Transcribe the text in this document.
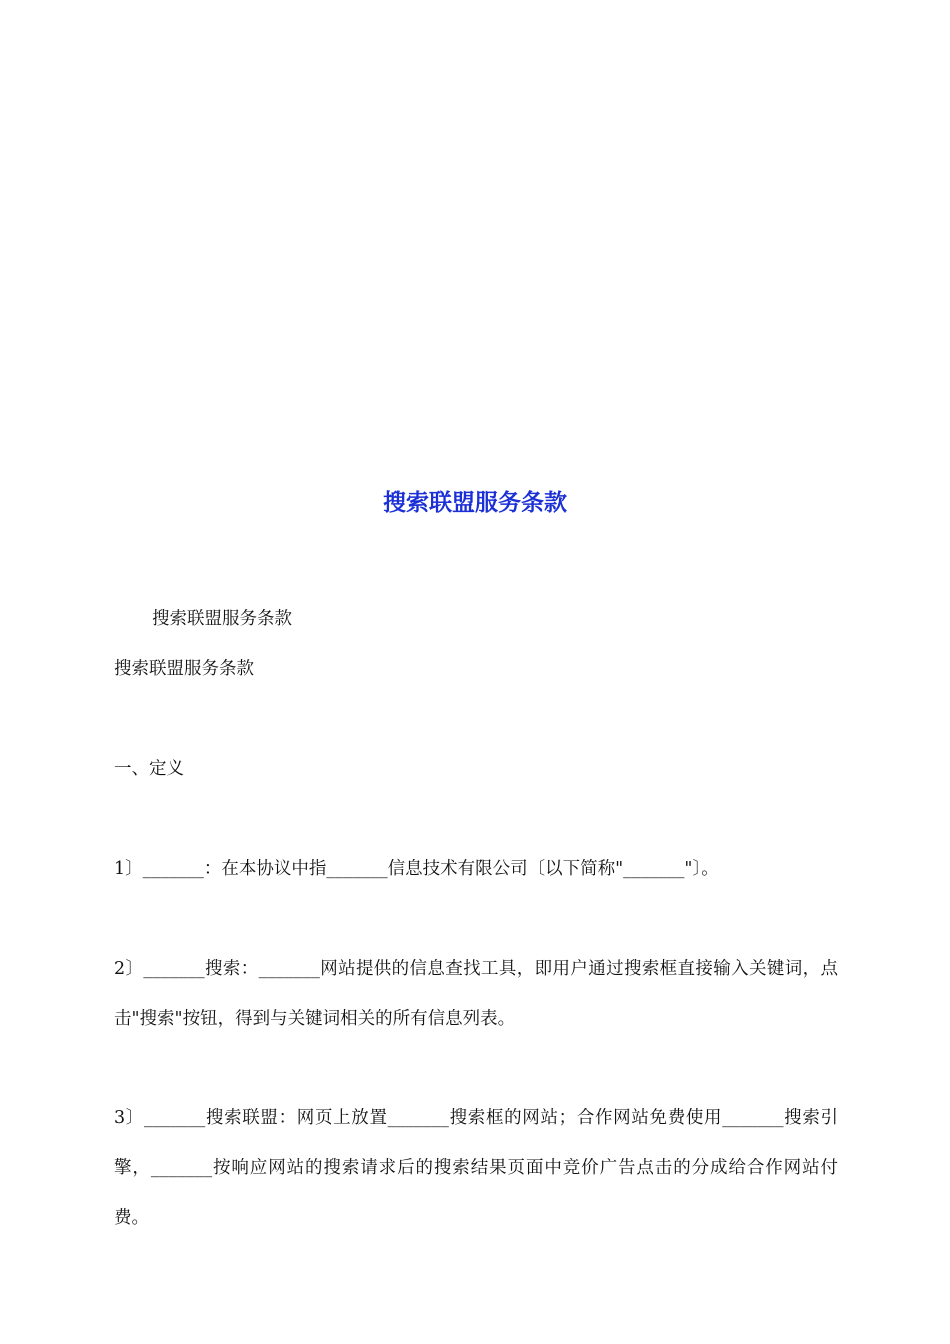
搜索联盟服务条款

搜索联盟服务条款

搜索联盟服务条款

一、定义

1〕_______：在本协议中指_______信息技术有限公司〔以下简称"_______"〕。

2〕_______搜索：_______网站提供的信息查找工具，即用户通过搜索框直接输入关键词，点击"搜索"按钮，得到与关键词相关的所有信息列表。

3〕_______搜索联盟：网页上放置_______搜索框的网站；合作网站免费使用_______搜索引擎，_______按响应网站的搜索请求后的搜索结果页面中竞价广告点击的分成给合作网站付费。
